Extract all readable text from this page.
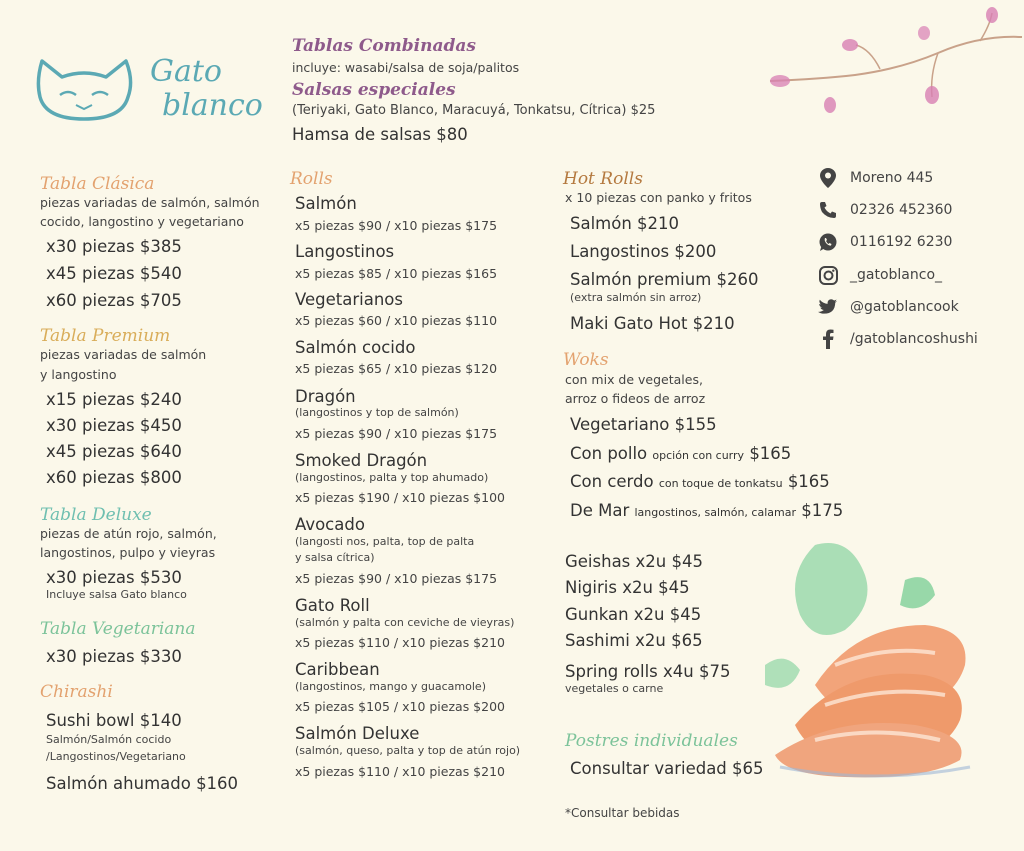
Gato
blanco
Tablas Combinadas
incluye: wasabi/salsa de soja/palitos
Salsas especiales
(Teriyaki, Gato Blanco, Maracuyá, Tonkatsu, Cítrica) $25
Hamsa de salsas $80
Tabla Clásica
piezas variadas de salmón, salmón
cocido, langostino y vegetariano
x30 piezas $385
x45 piezas $540
x60 piezas $705
Tabla Premium
piezas variadas de salmón
y langostino
x15 piezas $240
x30 piezas $450
x45 piezas $640
x60 piezas $800
Tabla Deluxe
piezas de atún rojo, salmón,
langostinos, pulpo y vieyras
x30 piezas $530
Incluye salsa Gato blanco
Tabla Vegetariana
x30 piezas $330
Chirashi
Sushi bowl $140
Salmón/Salmón cocido
/Langostinos/Vegetariano
Salmón ahumado $160
Rolls
Salmón
x5 piezas $90 / x10 piezas $175
Langostinos
x5 piezas $85 / x10 piezas $165
Vegetarianos
x5 piezas $60 / x10 piezas $110
Salmón cocido
x5 piezas $65 / x10 piezas $120
Dragón
(langostinos y top de salmón)
x5 piezas $90 / x10 piezas $175
Smoked Dragón
(langostinos, palta y top ahumado)
x5 piezas $190 / x10 piezas $100
Avocado
(langosti nos, palta, top de palta
y salsa cítrica)
x5 piezas $90 / x10 piezas $175
Gato Roll
(salmón y palta con ceviche de vieyras)
x5 piezas $110 / x10 piezas $210
Caribbean
(langostinos, mango y guacamole)
x5 piezas $105 / x10 piezas $200
Salmón Deluxe
(salmón, queso, palta y top de atún rojo)
x5 piezas $110 / x10 piezas $210
Hot Rolls
x 10 piezas con panko y fritos
Salmón $210
Langostinos $200
Salmón premium $260
(extra salmón sin arroz)
Maki Gato Hot $210
Woks
con mix de vegetales,
arroz o fideos de arroz
Vegetariano $155
Con pollo opción con curry $165
Con cerdo con toque de tonkatsu $165
De Mar langostinos, salmón, calamar $175
Geishas x2u $45
Nigiris x2u $45
Gunkan x2u $45
Sashimi x2u $65
Spring rolls x4u $75
vegetales o carne
Postres individuales
Consultar variedad $65
*Consultar bebidas
Moreno 445
02326 452360
0116192 6230
_gatoblanco_
@gatoblancook
/gatoblancoshushi
